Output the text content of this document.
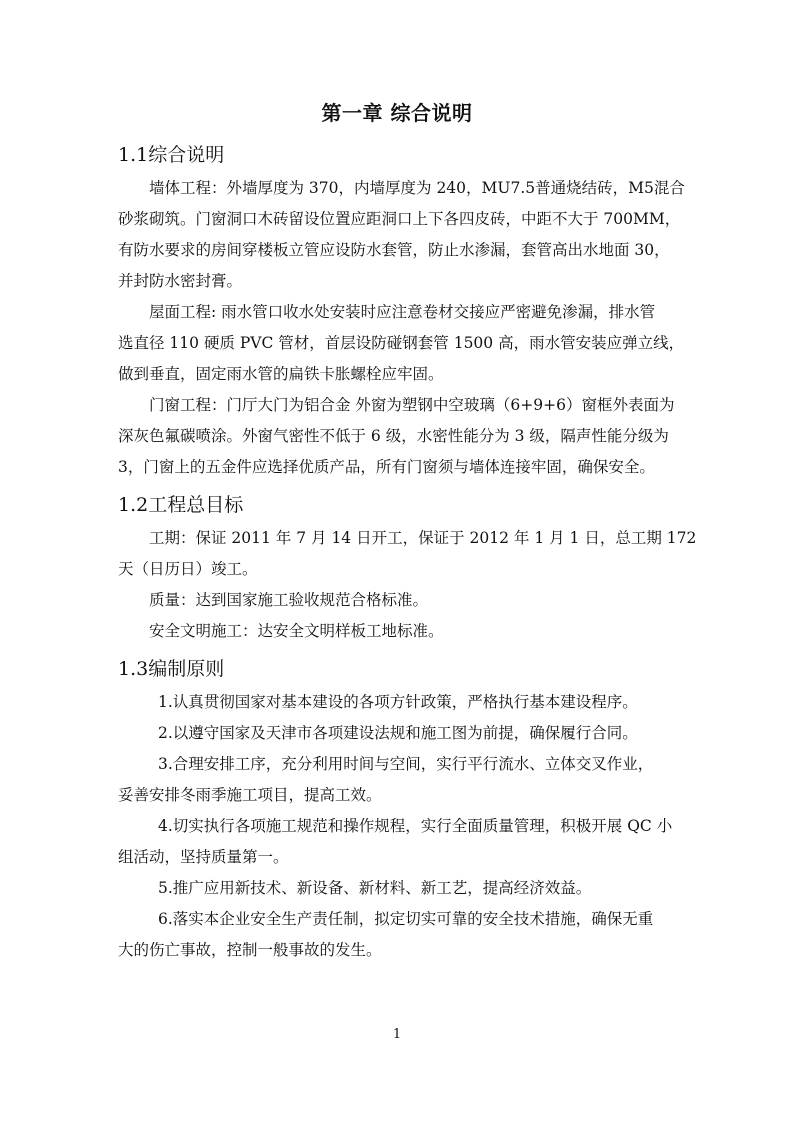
第一章 综合说明
1.1综合说明
墙体工程：外墙厚度为 370，内墙厚度为 240，MU7.5普通烧结砖，M5混合
砂浆砌筑。门窗洞口木砖留设位置应距洞口上下各四皮砖，中距不大于 700MM，
有防水要求的房间穿楼板立管应设防水套管，防止水渗漏，套管高出水地面 30，
并封防水密封膏。
屋面工程: 雨水管口收水处安装时应注意卷材交接应严密避免渗漏，排水管
选直径 110 硬质 PVC 管材，首层设防碰钢套管 1500 高，雨水管安装应弹立线，
做到垂直，固定雨水管的扁铁卡胀螺栓应牢固。
门窗工程：门厅大门为铝合金 外窗为塑钢中空玻璃（6+9+6）窗框外表面为
深灰色氟碳喷涂。外窗气密性不低于 6 级，水密性能分为 3 级，隔声性能分级为
3，门窗上的五金件应选择优质产品，所有门窗须与墙体连接牢固，确保安全。
1.2工程总目标
工期：保证 2011 年 7 月 14 日开工，保证于 2012 年 1 月 1 日，总工期 172
天（日历日）竣工。
质量：达到国家施工验收规范合格标准。
安全文明施工：达安全文明样板工地标准。
1.3编制原则
1.认真贯彻国家对基本建设的各项方针政策，严格执行基本建设程序。
2.以遵守国家及天津市各项建设法规和施工图为前提，确保履行合同。
3.合理安排工序，充分利用时间与空间，实行平行流水、立体交叉作业，
妥善安排冬雨季施工项目，提高工效。
4.切实执行各项施工规范和操作规程，实行全面质量管理，积极开展 QC 小
组活动，坚持质量第一。
5.推广应用新技术、新设备、新材料、新工艺，提高经济效益。
6.落实本企业安全生产责任制，拟定切实可靠的安全技术措施，确保无重
大的伤亡事故，控制一般事故的发生。
1
